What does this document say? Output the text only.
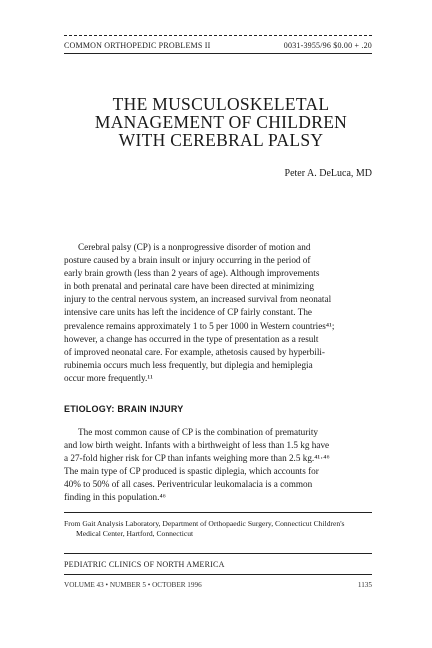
COMMON ORTHOPEDIC PROBLEMS II	0031-3955/96 $0.00 + .20
THE MUSCULOSKELETAL
MANAGEMENT OF CHILDREN
WITH CEREBRAL PALSY
Peter A. DeLuca, MD
Cerebral palsy (CP) is a nonprogressive disorder of motion and
posture caused by a brain insult or injury occurring in the period of
early brain growth (less than 2 years of age). Although improvements
in both prenatal and perinatal care have been directed at minimizing
injury to the central nervous system, an increased survival from neonatal
intensive care units has left the incidence of CP fairly constant. The
prevalence remains approximately 1 to 5 per 1000 in Western countries⁴¹;
however, a change has occurred in the type of presentation as a result
of improved neonatal care. For example, athetosis caused by hyperbili-
rubinemia occurs much less frequently, but diplegia and hemiplegia
occur more frequently.¹¹
ETIOLOGY: BRAIN INJURY
The most common cause of CP is the combination of prematurity
and low birth weight. Infants with a birthweight of less than 1.5 kg have
a 27-fold higher risk for CP than infants weighing more than 2.5 kg.⁴¹·⁴⁶
The main type of CP produced is spastic diplegia, which accounts for
40% to 50% of all cases. Periventricular leukomalacia is a common
finding in this population.⁴⁶
From Gait Analysis Laboratory, Department of Orthopaedic Surgery, Connecticut Children's
Medical Center, Hartford, Connecticut
PEDIATRIC CLINICS OF NORTH AMERICA
VOLUME 43 • NUMBER 5 • OCTOBER 1996	1135
